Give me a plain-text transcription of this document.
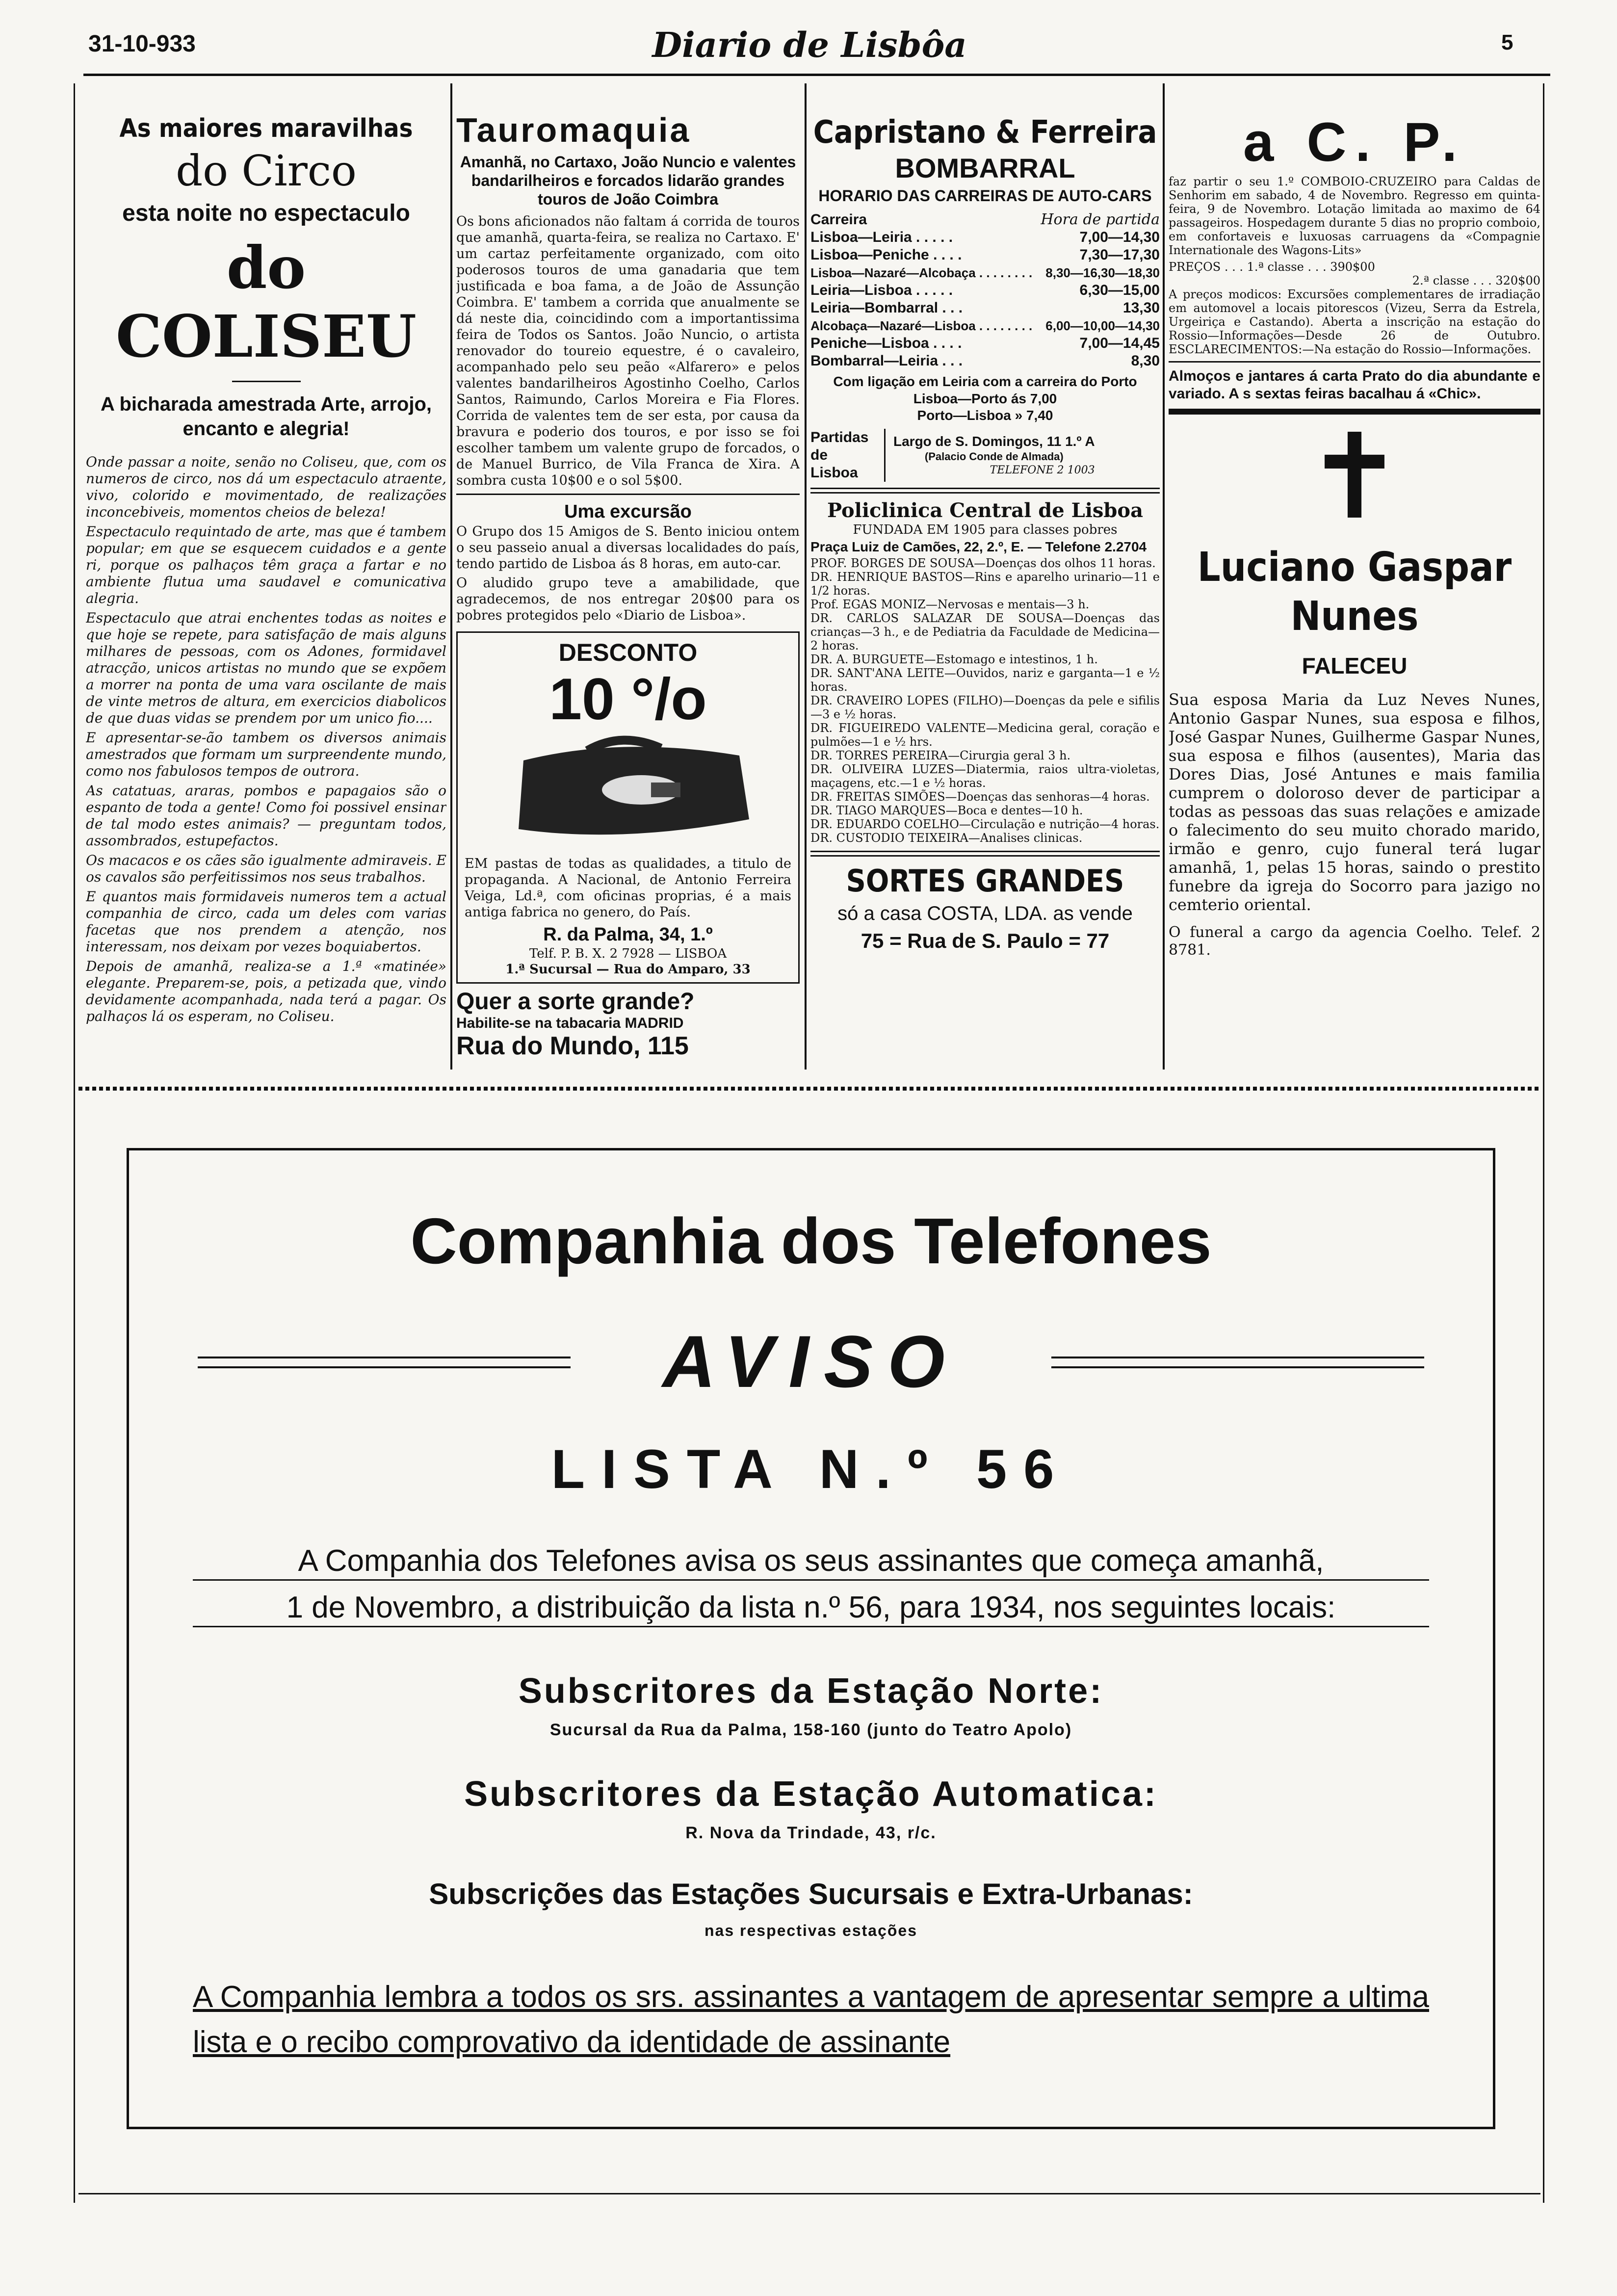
31-10-933	Diario de Lisbôa	5
As maiores maravilhas
do Circo
esta noite no espectaculo
do COLISEU
A bicharada amestrada Arte, arrojo, encanto e alegria!

Onde passar a noite, senão no Coliseu, que, com os numeros de circo, nos dá um espectaculo atraente, vivo, colorido e movimentado, de realizações inconcebiveis, momentos cheios de beleza!

Espectaculo requintado de arte, mas que é tambem popular; em que se esquecem cuidados e a gente ri, porque os palhaços têm graça a fartar e no ambiente flutua uma saudavel e comunicativa alegria.

Espectaculo que atrai enchentes todas as noites e que hoje se repete, para satisfação de mais alguns milhares de pessoas, com os Adones, formidavel atracção, unicos artistas no mundo que se expõem a morrer na ponta de uma vara oscilante de mais de vinte metros de altura, em exercicios diabolicos de que duas vidas se prendem por um unico fio....

E apresentar-se-ão tambem os diversos animais amestrados que formam um surpreendente mundo, como nos fabulosos tempos de outrora.

As catatuas, araras, pombos e papagaios são o espanto de toda a gente! Como foi possivel ensinar de tal modo estes animais? — preguntam todos, assombrados, estupefactos.

Os macacos e os cães são igualmente admiraveis. E os cavalos são perfeitissimos nos seus trabalhos.

E quantos mais formidaveis numeros tem a actual companhia de circo, cada um deles com varias facetas que nos prendem a atenção, nos interessam, nos deixam por vezes boquiabertos.

Depois de amanhã, realiza-se a 1.ª «matinée» elegante. Preparem-se, pois, a petizada que, vindo devidamente acompanhada, nada terá a pagar. Os palhaços lá os esperam, no Coliseu.

Tauromaquia
Amanhã, no Cartaxo, João Nuncio e valentes bandarilheiros e forcados lidarão grandes touros de João Coimbra

Os bons aficionados não faltam á corrida de touros que amanhã, quarta-feira, se realiza no Cartaxo. E' um cartaz perfeitamente organizado, com oito poderosos touros de uma ganadaria que tem justificada e boa fama, a de João de Assunção Coimbra. E' tambem a corrida que anualmente se dá neste dia, coincidindo com a importantissima feira de Todos os Santos. João Nuncio, o artista renovador do toureio equestre, é o cavaleiro, acompanhado pelo seu peão «Alfarero» e pelos valentes bandarilheiros Agostinho Coelho, Carlos Santos, Raimundo, Carlos Moreira e Fia Flores. Corrida de valentes tem de ser esta, por causa da bravura e poderio dos touros, e por isso se foi escolher tambem um valente grupo de forcados, o de Manuel Burrico, de Vila Franca de Xira. A sombra custa 10$00 e o sol 5$00.

Uma excursão

O Grupo dos 15 Amigos de S. Bento iniciou ontem o seu passeio anual a diversas localidades do país, tendo partido de Lisboa ás 8 horas, em auto-car.

O aludido grupo teve a amabilidade, que agradecemos, de nos entregar 20$00 para os pobres protegidos pelo «Diario de Lisboa».

DESCONTO
10 °/o

EM pastas de todas as qualidades, a titulo de propaganda. A Nacional, de Antonio Ferreira Veiga, Ld.ª, com oficinas proprias, é a mais antiga fabrica no genero, do País.

R. da Palma, 34, 1.º
Telf. P. B. X. 2 7928 — LISBOA
1.ª Sucursal — Rua do Amparo, 33
Quer a sorte grande?
Habilite-se na tabacaria MADRID
Rua do Mundo, 115
Capristano & Ferreira
BOMBARRAL
HORARIO DAS CARREIRAS DE AUTO-CARS
Carreira	Hora de partida
Lisboa—Leiria . . . . .	7,00—14,30
Lisboa—Peniche . . . .	7,30—17,30
Lisboa—Nazaré—Alcobaça . . . . . . . . 8,30—16,30—18,30
Leiria—Lisboa . . . . .	6,30—15,00
Leiria—Bombarral . . .	13,30
Alcobaça—Nazaré—Lisboa . . . . . . . . 6,00—10,00—14,30
Peniche—Lisboa . . . .	7,00—14,45
Bombarral—Leiria . . .	8,30
Com ligação em Leiria com a carreira do Porto
Lisboa—Porto ás 7,00
Porto—Lisboa » 7,40
Partidas de Lisboa
Largo de S. Domingos, 11 1.º A
(Palacio Conde de Almada)
TELEFONE 2 1003
Policlinica Central de Lisboa
FUNDADA EM 1905 para classes pobres
Praça Luiz de Camões, 22, 2.º, E. — Telefone 2.2704

PROF. BORGES DE SOUSA—Doenças dos olhos 11 horas.

DR. HENRIQUE BASTOS—Rins e aparelho urinario—11 e 1/2 horas.

Prof. EGAS MONIZ—Nervosas e mentais—3 h.

DR. CARLOS SALAZAR DE SOUSA—Doenças das crianças—3 h., e de Pediatria da Faculdade de Medicina—2 horas.

DR. A. BURGUETE—Estomago e intestinos, 1 h.

DR. SANT'ANA LEITE—Ouvidos, nariz e garganta—1 e ½ horas.

DR. CRAVEIRO LOPES (FILHO)—Doenças da pele e sifilis—3 e ½ horas.

DR. FIGUEIREDO VALENTE—Medicina geral, coração e pulmões—1 e ½ hrs.

DR. TORRES PEREIRA—Cirurgia geral 3 h.

DR. OLIVEIRA LUZES—Diatermia, raios ultra-violetas, maçagens, etc.—1 e ½ horas.

DR. FREITAS SIMÕES—Doenças das senhoras—4 horas.

DR. TIAGO MARQUES—Boca e dentes—10 h.

DR. EDUARDO COELHO—Circulação e nutrição—4 horas.

DR. CUSTODIO TEIXEIRA—Analises clinicas.

SORTES GRANDES
só a casa COSTA, LDA. as vende
75 = Rua de S. Paulo = 77
a C. P.

faz partir o seu 1.º COMBOIO-CRUZEIRO para Caldas de Senhorim em sabado, 4 de Novembro. Regresso em quinta-feira, 9 de Novembro. Lotação limitada ao maximo de 64 passageiros. Hospedagem durante 5 dias no proprio comboio, em confortaveis e luxuosas carruagens da «Compagnie Internationale des Wagons-Lits»

PREÇOS . . . 1.ª classe . . . 390$00
2.ª classe . . . 320$00

A preços modicos: Excursões complementares de irradiação em automovel a locais pitorescos (Vizeu, Serra da Estrela, Urgeiriça e Castando). Aberta a inscrição na estação do Rossio—Informações—Desde 26 de Outubro. ESCLARECIMENTOS:—Na estação do Rossio—Informações.

Almoços e jantares á carta Prato do dia abundante e variado. A s sextas feiras bacalhau á «Chic».
✝
Luciano Gaspar Nunes
FALECEU

Sua esposa Maria da Luz Neves Nunes, Antonio Gaspar Nunes, sua esposa e filhos, José Gaspar Nunes, Guilherme Gaspar Nunes, sua esposa e filhos (ausentes), Maria das Dores Dias, José Antunes e mais familia cumprem o doloroso dever de participar a todas as pessoas das suas relações e amizade o falecimento do seu muito chorado marido, irmão e genro, cujo funeral terá lugar amanhã, 1, pelas 15 horas, saindo o prestito funebre da igreja do Socorro para jazigo no cemterio oriental.

O funeral a cargo da agencia Coelho. Telef. 2 8781.

Companhia dos Telefones
AVISO
LISTA N.º 56
A Companhia dos Telefones avisa os seus assinantes que começa amanhã,
1 de Novembro, a distribuição da lista n.º 56, para 1934, nos seguintes locais:
Subscritores da Estação Norte:
Sucursal da Rua da Palma, 158-160 (junto do Teatro Apolo)
Subscritores da Estação Automatica:
R. Nova da Trindade, 43, r/c.
Subscrições das Estações Sucursais e Extra-Urbanas:
nas respectivas estações
A Companhia lembra a todos os srs. assinantes a vantagem de apresentar sempre a ultima lista e o recibo comprovativo da identidade de assinante
